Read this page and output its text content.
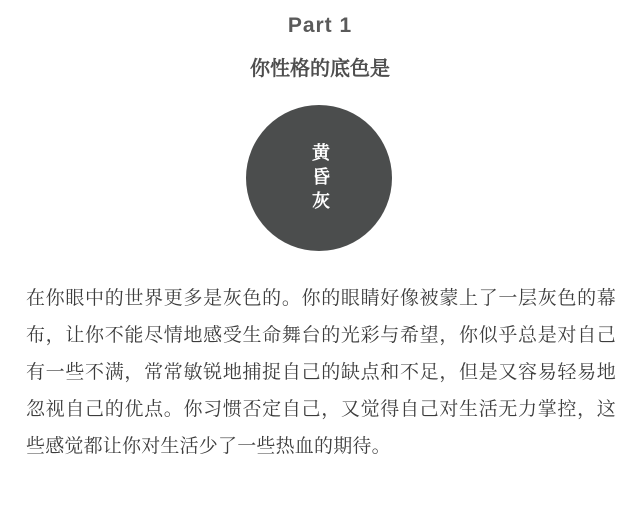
Part 1
你性格的底色是
黄昏灰
在你眼中的世界更多是灰色的。你的眼睛好像被蒙上了一层灰色的幕布，让你不能尽情地感受生命舞台的光彩与希望，你似乎总是对自己有一些不满，常常敏锐地捕捉自己的缺点和不足，但是又容易轻易地忽视自己的优点。你习惯否定自己，又觉得自己对生活无力掌控，这些感觉都让你对生活少了一些热血的期待。
